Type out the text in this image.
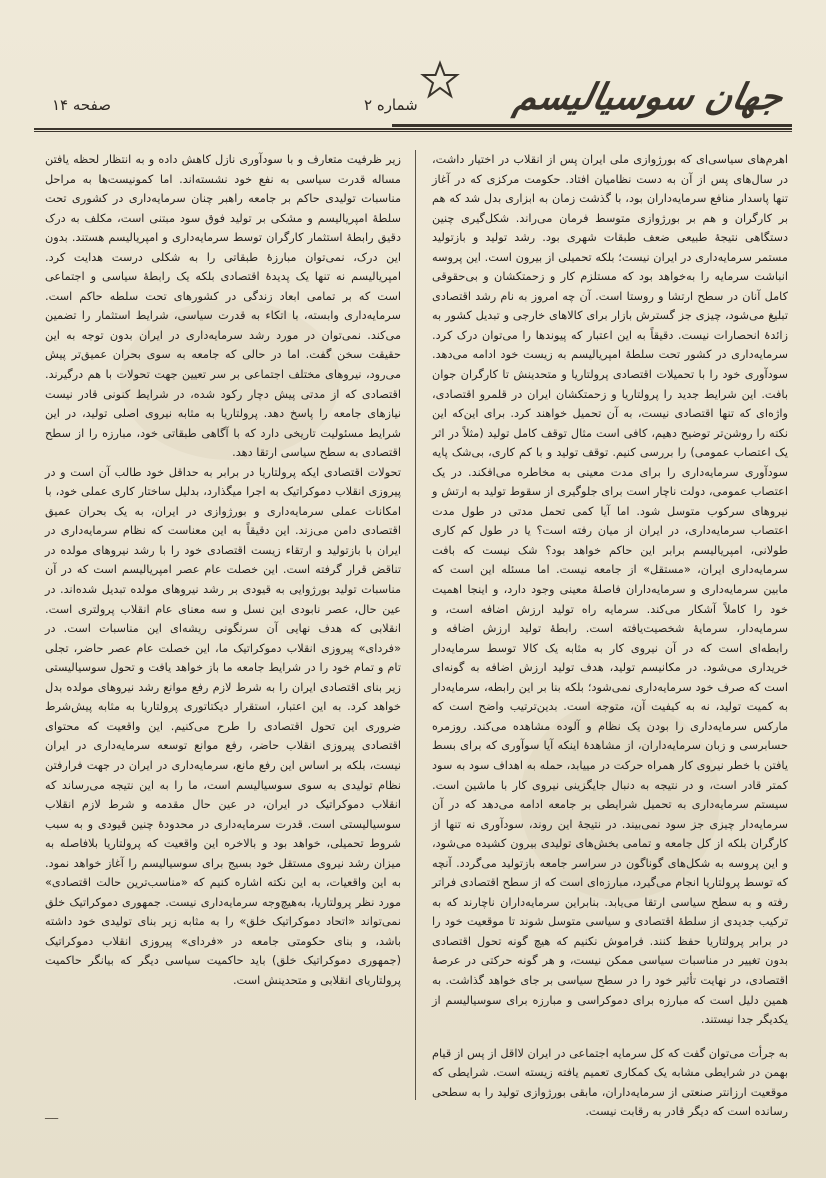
جهان سوسیالیسم
شماره ۲
صفحه ۱۴

اهرم‌های سیاسی‌ای که بورژوازی ملی ایران پس از انقلاب در اختیار داشت، در سال‌های پس از آن به دست نظامیان افتاد. حکومت مرکزی که در آغاز تنها پاسدار منافع سرمایه‌داران بود، با گذشت زمان به ابزاری بدل شد که هم بر کارگران و هم بر بورژوازی متوسط فرمان می‌راند. شکل‌گیری چنین دستگاهی نتیجهٔ طبیعی ضعف طبقات شهری بود. رشد تولید و بازتولید مستمر سرمایه‌داری در ایران نیست؛ بلکه تحمیلی از بیرون است. این پروسه انباشت سرمایه را به‌خواهد بود که مستلزم کار و زحمتکشان و بی‌حقوقی کامل آنان در سطح ارتشا و روستا است. آن چه امروز به نام رشد اقتصادی تبلیغ می‌شود، چیزی جز گسترش بازار برای کالاهای خارجی و تبدیل کشور به زائدهٔ انحصارات نیست. دقیقاً به این اعتبار که پیوندها را می‌توان درک کرد. سرمایه‌داری در کشور تحت سلطهٔ امپریالیسم به زیست خود ادامه می‌دهد. سودآوری خود را با تحمیلات اقتصادی پرولتاریا و متحدینش تا کارگران جوان بافت. این شرایط جدید را پرولتاریا و زحمتکشان ایران در قلمرو اقتصادی، واژه‌ای که تنها اقتصادی نیست، به آن تحمیل خواهند کرد. برای این‌که این نکته را روشن‌تر توضیح دهیم، کافی است مثال توقف کامل تولید (مثلاً در اثر یک اعتصاب عمومی) را بررسی کنیم. توقف تولید و با کم کاری، بی‌شک پایه سودآوری سرمایه‌داری را برای مدت معینی به مخاطره می‌افکند. در یک اعتصاب عمومی، دولت ناچار است برای جلوگیری از سقوط تولید به ارتش و نیروهای سرکوب متوسل شود. اما آیا کمی تحمل مدتی در طول مدت اعتصاب سرمایه‌داری، در ایران از میان رفته است؟ یا در طول کم کاری طولانی، امپریالیسم برابر این حاکم خواهد بود؟ شک نیست که بافت سرمایه‌داری ایران، «مستقل» از جامعه نیست. اما مسئله این است که مابین سرمایه‌داری و سرمایه‌داران فاصلهٔ معینی وجود دارد، و اینجا اهمیت خود را کاملاً آشکار می‌کند. سرمایه راه تولید ارزش اضافه است، و سرمایه‌دار، سرمایهٔ شخصیت‌یافته است. رابطهٔ تولید ارزش اضافه و رابطه‌ای است که در آن نیروی کار به مثابه یک کالا توسط سرمایه‌دار خریداری می‌شود. در مکانیسم تولید، هدف تولید ارزش اضافه به گونه‌ای است که صرف خود سرمایه‌داری نمی‌شود؛ بلکه بنا بر این رابطه، سرمایه‌دار به کمیت تولید، نه به کیفیت آن، متوجه است. بدین‌ترتیب واضح است که مارکس سرمایه‌داری را بودن یک نظام و آلوده مشاهده می‌کند. روزمره حسابرسی و زبان سرمایه‌داران، از مشاهدهٔ اینکه آیا سوآوری که برای بسط یافتن با خطر نیروی کار همراه حرکت در مییابد، حمله به اهداف سود به سود کمتر قادر است، و در نتیجه به دنبال جایگزینی نیروی کار با ماشین است. سیستم سرمایه‌داری به تحمیل شرایطی بر جامعه ادامه می‌دهد که در آن سرمایه‌دار چیزی جز سود نمی‌بیند. در نتیجهٔ این روند، سودآوری نه تنها از کارگران بلکه از کل جامعه و تمامی بخش‌های تولیدی بیرون کشیده می‌شود، و این پروسه به شکل‌های گوناگون در سراسر جامعه بازتولید می‌گردد. آنچه که توسط پرولتاریا انجام می‌گیرد، مبارزه‌ای است که از سطح اقتصادی فراتر رفته و به سطح سیاسی ارتقا می‌یابد. بنابراین سرمایه‌داران ناچارند که به ترکیب جدیدی از سلطهٔ اقتصادی و سیاسی متوسل شوند تا موقعیت خود را در برابر پرولتاریا حفظ کنند. فراموش نکنیم که هیچ گونه تحول اقتصادی بدون تغییر در مناسبات سیاسی ممکن نیست، و هر گونه حرکتی در عرصهٔ اقتصادی، در نهایت تأثیر خود را در سطح سیاسی بر جای خواهد گذاشت. به همین دلیل است که مبارزه برای دموکراسی و مبارزه برای سوسیالیسم از یکدیگر جدا نیستند.

به جرأت می‌توان گفت که کل سرمایه اجتماعی در ایران لااقل از پس از قیام بهمن در شرایطی مشابه یک کمکاری تعمیم یافته زیسته است. شرایطی که موقعیت ارزانتر صنعتی از سرمایه‌داران، مابقی بورژوازی تولید را به سطحی رسانده است که دیگر قادر به رقابت نیست.

زیر ظرفیت متعارف و با سودآوری نازل کاهش داده و به انتظار لحظه یافتن مساله قدرت سیاسی به نفع خود نشسته‌اند. اما کمونیست‌ها به مراحل مناسبات تولیدی حاکم بر جامعه راهبر چنان سرمایه‌داری در کشوری تحت سلطهٔ امپریالیسم و مشکی بر تولید فوق سود مبتنی است، مکلف به درک دقیق رابطهٔ استثمار کارگران توسط سرمایه‌داری و امپریالیسم هستند. بدون این درک، نمی‌توان مبارزهٔ طبقاتی را به شکلی درست هدایت کرد. امپریالیسم نه تنها یک پدیدهٔ اقتصادی بلکه یک رابطهٔ سیاسی و اجتماعی است که بر تمامی ابعاد زندگی در کشورهای تحت سلطه حاکم است. سرمایه‌داری وابسته، با اتکاء به قدرت سیاسی، شرایط استثمار را تضمین می‌کند. نمی‌توان در مورد رشد سرمایه‌داری در ایران بدون توجه به این حقیقت سخن گفت. اما در حالی که جامعه به سوی بحران عمیق‌تر پیش می‌رود، نیروهای مختلف اجتماعی بر سر تعیین جهت تحولات با هم درگیرند. اقتصادی که از مدتی پیش دچار رکود شده، در شرایط کنونی قادر نیست نیازهای جامعه را پاسخ دهد. پرولتاریا به مثابه نیروی اصلی تولید، در این شرایط مسئولیت تاریخی دارد که با آگاهی طبقاتی خود، مبارزه را از سطح اقتصادی به سطح سیاسی ارتقا دهد.

تحولات اقتصادی ایکه پرولتاریا در برابر به حداقل خود طالب آن است و در پیروزی انقلاب دموکراتیک به اجرا میگذارد، بدلیل ساختار کاری عملی خود، با امکانات عملی سرمایه‌داری و بورژوازی در ایران، به یک بحران عمیق اقتصادی دامن می‌زند. این دقیقاً به این معناست که نظام سرمایه‌داری در ایران با بازتولید و ارتقاء زیست اقتصادی خود را با رشد نیروهای مولده در تناقض قرار گرفته است. این خصلت عام عصر امپریالیسم است که در آن مناسبات تولید بورژوایی به قیودی بر رشد نیروهای مولده تبدیل شده‌اند. در عین حال، عصر نابودی این نسل و سه معنای عام انقلاب پرولتری است. انقلابی که هدف نهایی آن سرنگونی ریشه‌ای این مناسبات است. در «فردای» پیروزی انقلاب دموکراتیک ما، این خصلت عام عصر حاضر، تجلی تام و تمام خود را در شرایط جامعه ما باز خواهد یافت و تحول سوسیالیستی زیر بنای اقتصادی ایران را به شرط لازم رفع موانع رشد نیروهای مولده بدل خواهد کرد. به این اعتبار، استقرار دیکتاتوری پرولتاریا به مثابه پیش‌شرط ضروری این تحول اقتصادی را طرح می‌کنیم. این واقعیت که محتوای اقتصادی پیروزی انقلاب حاضر، رفع موانع توسعه سرمایه‌داری در ایران نیست، بلکه بر اساس این رفع مانع، سرمایه‌داری در ایران در جهت فرارفتن نظام تولیدی به سوی سوسیالیسم است، ما را به این نتیجه می‌رساند که انقلاب دموکراتیک در ایران، در عین حال مقدمه و شرط لازم انقلاب سوسیالیستی است. قدرت سرمایه‌داری در محدودهٔ چنین قیودی و به سبب شروط تحمیلی، خواهد بود و بالاخره این واقعیت که پرولتاریا بلافاصله به میزان رشد نیروی مستقل خود بسیج برای سوسیالیسم را آغاز خواهد نمود. به این واقعیات، به این نکته اشاره کنیم که «مناسب‌ترین حالت اقتصادی» مورد نظر پرولتاریا، به‌هیچ‌وجه سرمایه‌داری نیست. جمهوری دموکراتیک خلق نمی‌تواند «اتحاد دموکراتیک خلق» را به مثابه زیر بنای تولیدی خود داشته باشد، و بنای حکومتی جامعه در «فردای» پیروزی انقلاب دموکراتیک (جمهوری دموکراتیک خلق) باید حاکمیت سیاسی دیگر که بیانگر حاکمیت پرولتاریای انقلابی و متحدینش است.

ـــــ
